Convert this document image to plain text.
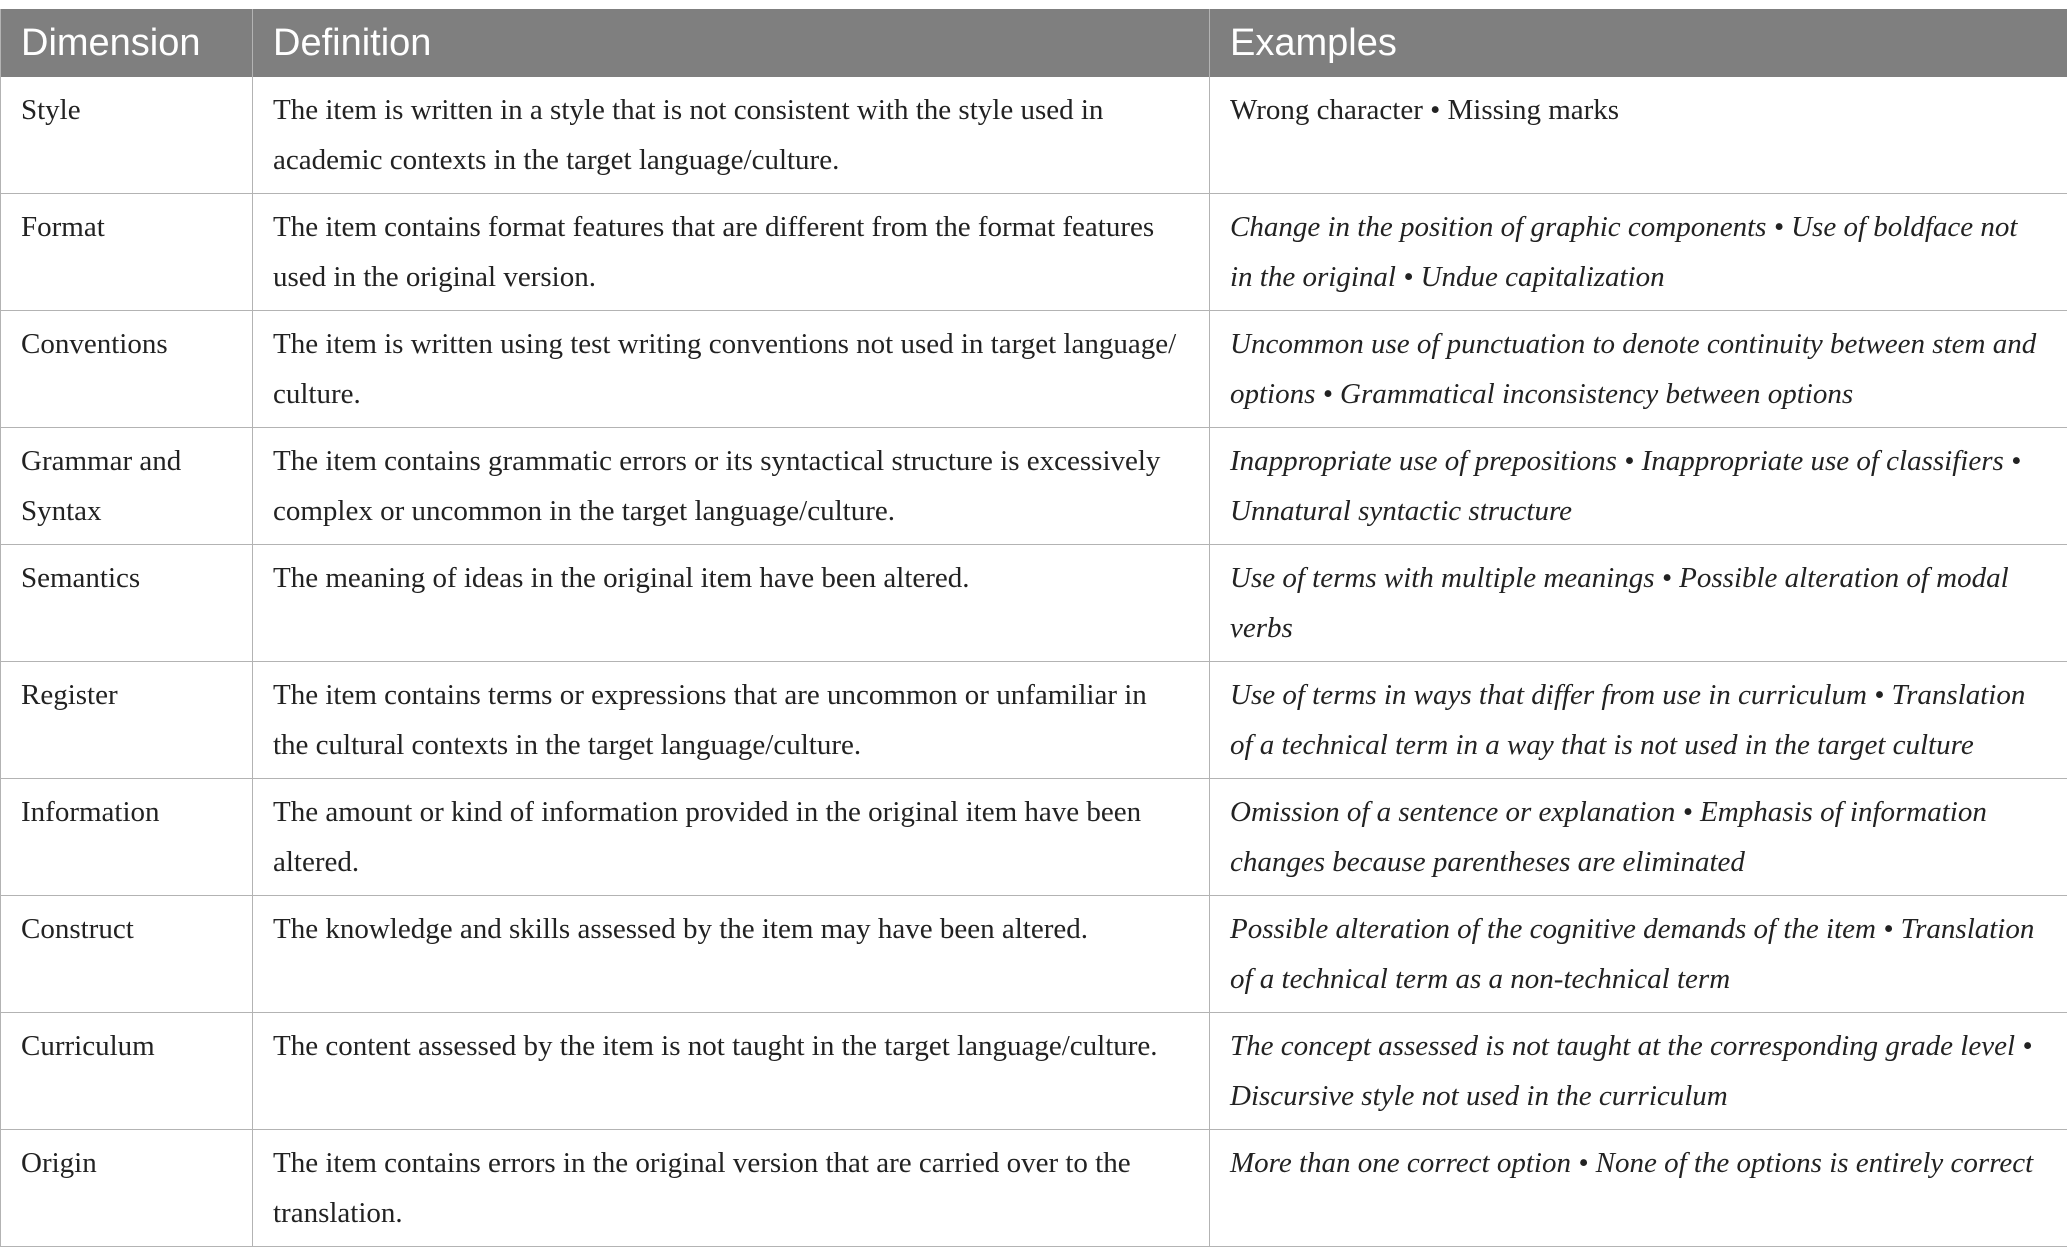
Dimension	Definition	Examples
Style	The item is written in a style that is not consistent with the style used in academic contexts in the target language/culture.	Wrong character • Missing marks
Format	The item contains format features that are different from the format features used in the original version.	Change in the position of graphic components • Use of boldface not in the original • Undue capitalization
Conventions	The item is written using test writing conventions not used in target language/ culture.	Uncommon use of punctuation to denote continuity between stem and options • Grammatical inconsistency between options
Grammar and Syntax	The item contains grammatic errors or its syntactical structure is excessively complex or uncommon in the target language/culture.	Inappropriate use of prepositions • Inappropriate use of classifiers • Unnatural syntactic structure
Semantics	The meaning of ideas in the original item have been altered.	Use of terms with multiple meanings • Possible alteration of modal verbs
Register	The item contains terms or expressions that are uncommon or unfamiliar in the cultural contexts in the target language/culture.	Use of terms in ways that differ from use in curriculum • Translation of a technical term in a way that is not used in the target culture
Information	The amount or kind of information provided in the original item have been altered.	Omission of a sentence or explanation • Emphasis of information changes because parentheses are eliminated
Construct	The knowledge and skills assessed by the item may have been altered.	Possible alteration of the cognitive demands of the item • Translation of a technical term as a non-technical term
Curriculum	The content assessed by the item is not taught in the target language/culture.	The concept assessed is not taught at the corresponding grade level • Discursive style not used in the curriculum
Origin	The item contains errors in the original version that are carried over to the translation.	More than one correct option • None of the options is entirely correct
